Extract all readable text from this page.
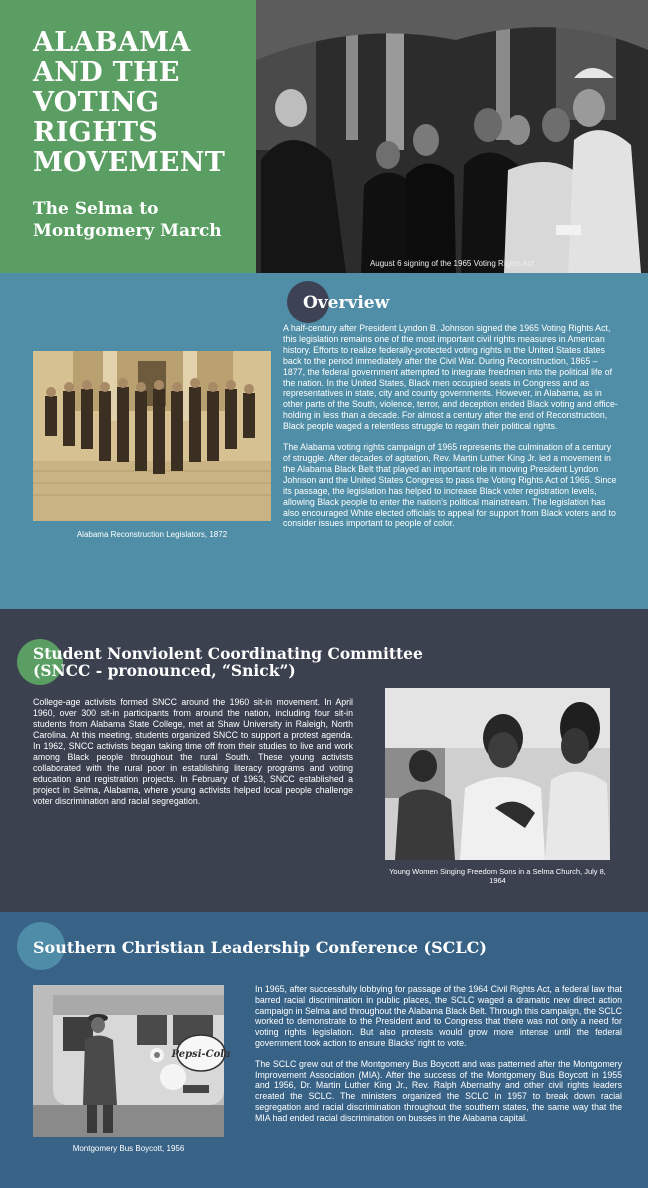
ALABAMA AND THE VOTING RIGHTS MOVEMENT
The Selma to Montgomery March
August 6 signing of the 1965 Voting Rights Act
Overview
Alabama Reconstruction Legislators, 1872

A half-century after President Lyndon B. Johnson signed the 1965 Voting Rights Act, this legislation remains one of the most important civil rights measures in American history. Efforts to realize federally-protected voting rights in the United States dates back to the period immediately after the Civil War. During Reconstruction, 1865 – 1877, the federal government attempted to integrate freedmen into the political life of the nation. In the United States, Black men occupied seats in Congress and as representatives in state, city and county governments. However, in Alabama, as in other parts of the South, violence, terror, and deception ended Black voting and office-holding in less than a decade. For almost a century after the end of Reconstruction, Black people waged a relentless struggle to regain their political rights.

The Alabama voting rights campaign of 1965 represents the culmination of a century of struggle. After decades of agitation, Rev. Martin Luther King Jr. led a movement in the Alabama Black Belt that played an important role in moving President Lyndon Johnson and the United States Congress to pass the Voting Rights Act of 1965. Since its passage, the legislation has helped to increase Black voter registration levels, allowing Black people to enter the nation’s political mainstream. The legislation has also encouraged White elected officials to appeal for support from Black voters and to consider issues important to people of color.

Student Nonviolent Coordinating Committee (SNCC - pronounced, “Snick”)
College-age activists formed SNCC around the 1960 sit-in movement. In April 1960, over 300 sit-in participants from around the nation, including four sit-in students from Alabama State College, met at Shaw University in Raleigh, North Carolina. At this meeting, students organized SNCC to support a protest agenda. In 1962, SNCC activists began taking time off from their studies to live and work among Black people throughout the rural South. These young activists collaborated with the rural poor in establishing literacy programs and voting education and registration projects. In February of 1963, SNCC established a project in Selma, Alabama, where young activists helped local people challenge voter discrimination and racial segregation.
Young Women Singing Freedom Sons in a Selma Church, July 8, 1964
Southern Christian Leadership Conference (SCLC)
Pepsi-Cola
Montgomery Bus Boycott, 1956

In 1965, after successfully lobbying for passage of the 1964 Civil Rights Act, a federal law that barred racial discrimination in public places, the SCLC waged a dramatic new direct action campaign in Selma and throughout the Alabama Black Belt. Through this campaign, the SCLC worked to demonstrate to the President and to Congress that there was not only a need for voting rights legislation. But also protests would grow more intense until the federal government took action to ensure Blacks’ right to vote.

The SCLC grew out of the Montgomery Bus Boycott and was patterned after the Montgomery Improvement Association (MIA). After the success of the Montgomery Bus Boycott in 1955 and 1956, Dr. Martin Luther King Jr., Rev. Ralph Abernathy and other civil rights leaders created the SCLC. The ministers organized the SCLC in 1957 to break down racial segregation and racial discrimination throughout the southern states, the same way that the MIA had ended racial discrimination on busses in the Alabama capital.
